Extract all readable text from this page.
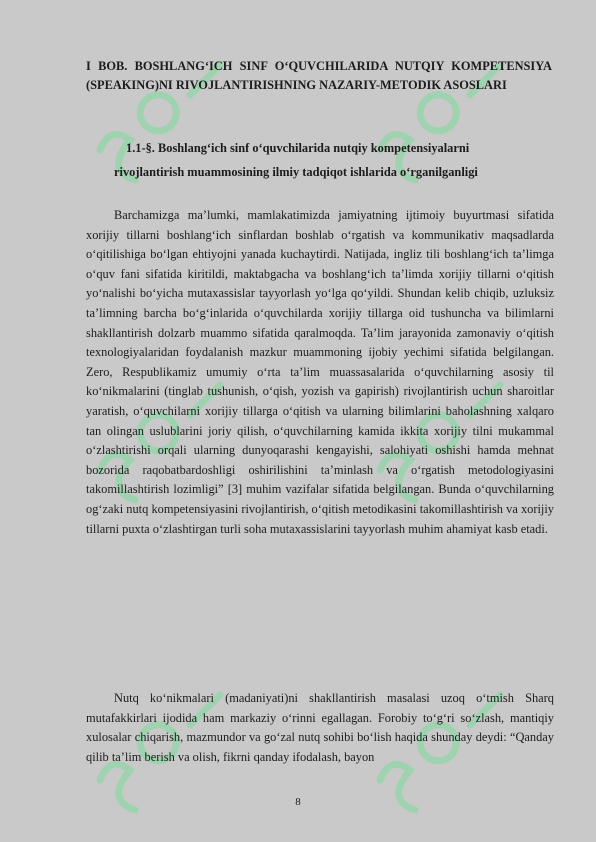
I BOB. BOSHLANG‘ICH SINF O‘QUVCHILARIDA NUTQIY KOMPETENSIYA (SPEAKING)NI RIVOJLANTIRISHNING NAZARIY-METODIK ASOSLARI
1.1-§. Boshlang‘ich sinf o‘quvchilarida nutqiy kompetensiyalarni
rivojlantirish muammosining ilmiy tadqiqot ishlarida o‘rganilganligi

Barchamizga ma’lumki, mamlakatimizda jamiyatning ijtimoiy buyurtmasi sifatida xorijiy tillarni boshlang‘ich sinflardan boshlab o‘rgatish va kommunikativ maqsadlarda o‘qitilishiga bo‘lgan ehtiyojni yanada kuchaytirdi. Natijada, ingliz tili boshlang‘ich ta’limga o‘quv fani sifatida kiritildi, maktabgacha va boshlang‘ich ta’limda xorijiy tillarni o‘qitish yo‘nalishi bo‘yicha mutaxassislar tayyorlash yo‘lga qo‘yildi. Shundan kelib chiqib, uzluksiz ta’limning barcha bo‘g‘inlarida o‘quvchilarda xorijiy tillarga oid tushuncha va bilimlarni shakllantirish dolzarb muammo sifatida qaralmoqda. Ta’lim jarayonida zamonaviy o‘qitish texnologiyalaridan foydalanish mazkur muammoning ijobiy yechimi sifatida belgilangan. Zero, Respublikamiz umumiy o‘rta ta’lim muassasalarida o‘quvchilarning asosiy til ko‘nikmalarini (tinglab tushunish, o‘qish, yozish va gapirish) rivojlantirish uchun sharoitlar yaratish, o‘quvchilarni xorijiy tillarga o‘qitish va ularning bilimlarini baholashning xalqaro tan olingan uslublarini joriy qilish, o‘quvchilarning kamida ikkita xorijiy tilni mukammal o‘zlashtirishi orqali ularning dunyoqarashi kengayishi, salohiyati oshishi hamda mehnat bozorida raqobatbardoshligi oshirilishini ta’minlash va o‘rgatish metodologiyasini takomillashtirish lozimligi” [3] muhim vazifalar sifatida belgilangan. Bunda o‘quvchilarning og‘zaki nutq kompetensiyasini rivojlantirish, o‘qitish metodikasini takomillashtirish va xorijiy tillarni puxta o‘zlashtirgan turli soha mutaxassislarini tayyorlash muhim ahamiyat kasb etadi.

Nutq ko‘nikmalari (madaniyati)ni shakllantirish masalasi uzoq o‘tmish Sharq mutafakkirlari ijodida ham markaziy o‘rinni egallagan. Forobiy to‘g‘ri so‘zlash, mantiqiy xulosalar chiqarish, mazmundor va go‘zal nutq sohibi bo‘lish haqida shunday deydi: “Qanday qilib ta’lim berish va olish, fikrni qanday ifodalash, bayon

8
